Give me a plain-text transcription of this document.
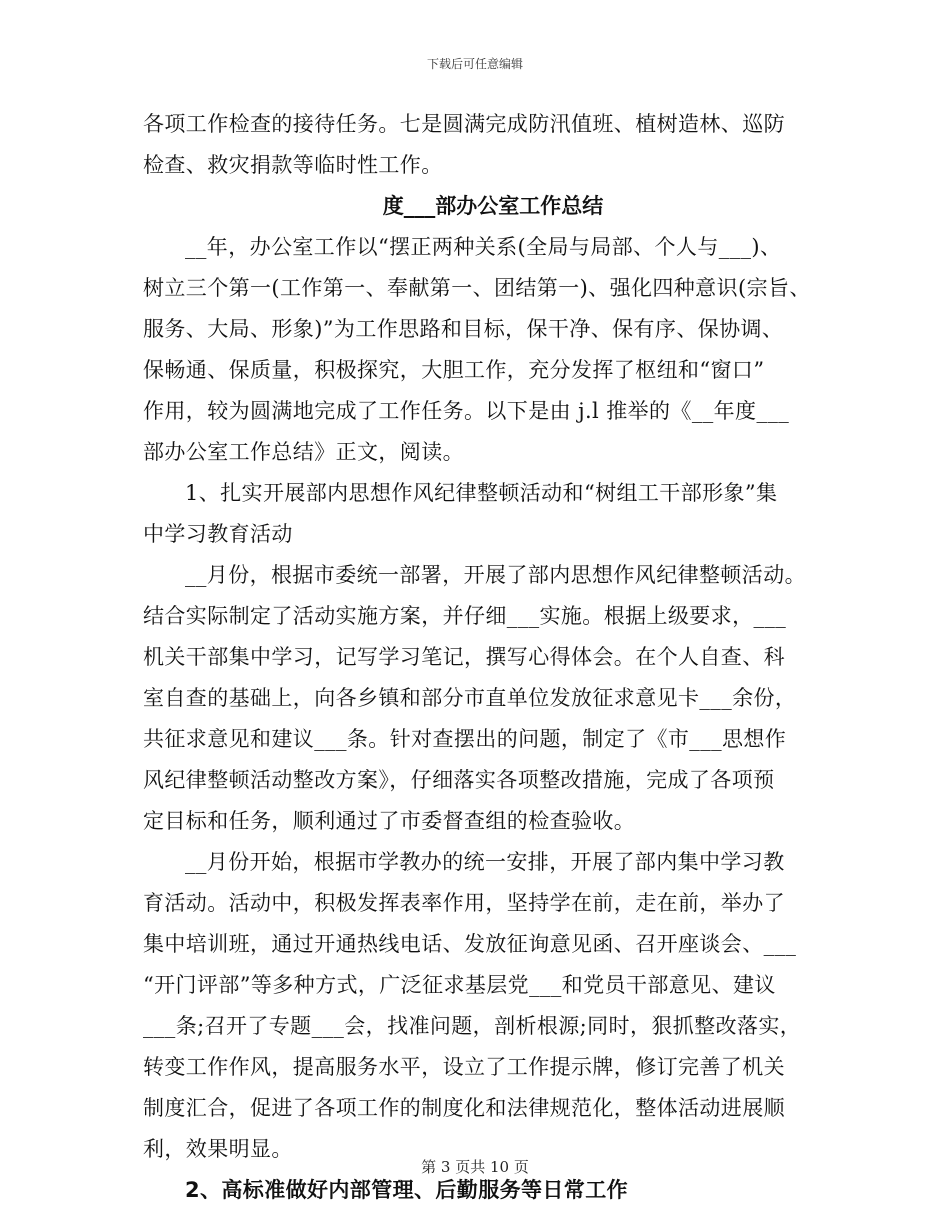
下载后可任意编辑
各项工作检查的接待任务。七是圆满完成防汛值班、植树造林、巡防
检查、救灾捐款等临时性工作。
度___部办公室工作总结
__年，办公室工作以“摆正两种关系(全局与局部、个人与___)、
树立三个第一(工作第一、奉献第一、团结第一)、强化四种意识(宗旨、
服务、大局、形象)”为工作思路和目标，保干净、保有序、保协调、
保畅通、保质量，积极探究，大胆工作，充分发挥了枢纽和“窗口”
作用，较为圆满地完成了工作任务。以下是由 j.l 推举的《__年度___
部办公室工作总结》正文，阅读。
1、扎实开展部内思想作风纪律整顿活动和“树组工干部形象”集
中学习教育活动
__月份，根据市委统一部署，开展了部内思想作风纪律整顿活动。
结合实际制定了活动实施方案，并仔细___实施。根据上级要求，___
机关干部集中学习，记写学习笔记，撰写心得体会。在个人自查、科
室自查的基础上，向各乡镇和部分市直单位发放征求意见卡___余份，
共征求意见和建议___条。针对查摆出的问题，制定了《市___思想作
风纪律整顿活动整改方案》，仔细落实各项整改措施，完成了各项预
定目标和任务，顺利通过了市委督查组的检查验收。
__月份开始，根据市学教办的统一安排，开展了部内集中学习教
育活动。活动中，积极发挥表率作用，坚持学在前，走在前，举办了
集中培训班，通过开通热线电话、发放征询意见函、召开座谈会、___
“开门评部”等多种方式，广泛征求基层党___和党员干部意见、建议
___条;召开了专题___会，找准问题，剖析根源;同时，狠抓整改落实，
转变工作作风，提高服务水平，设立了工作提示牌，修订完善了机关
制度汇合，促进了各项工作的制度化和法律规范化，整体活动进展顺
利，效果明显。
2、高标准做好内部管理、后勤服务等日常工作
第 3 页共 10 页
